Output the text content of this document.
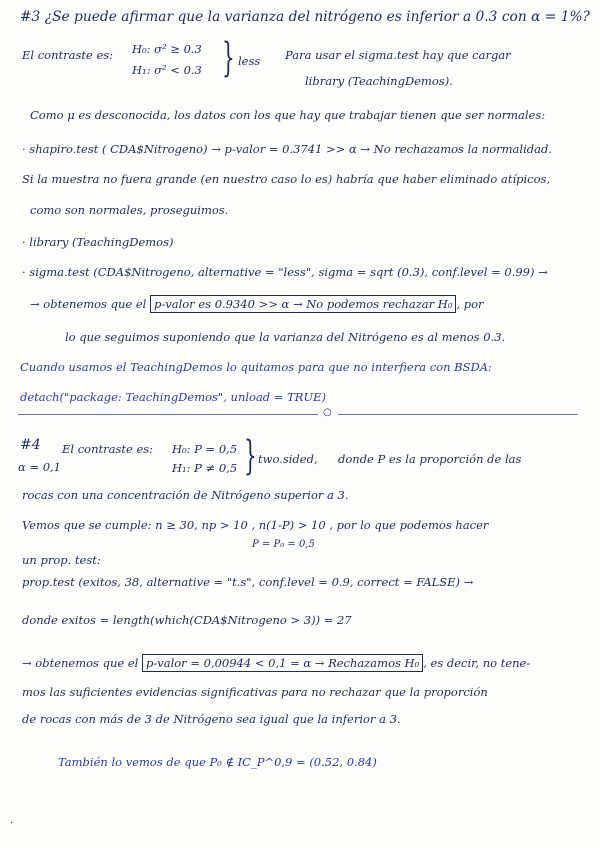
#3 ¿Se puede afirmar que la varianza del nitrógeno es inferior a 0.3 con α = 1%?
El contraste es: H₀: σ² ≥ 0.3
H₁: σ² < 0.3 } less Para usar el sigma.test hay que cargar
library (TeachingDemos).
Como μ es desconocida, los datos con los que hay que trabajar tienen que ser normales:
· shapiro.test ( CDA$Nitrogeno) → p-valor = 0.3741 >> α → No rechazamos la normalidad.
Si la muestra no fuera grande (en nuestro caso lo es) habría que haber eliminado atípicos,
como son normales, proseguimos.
· library (TeachingDemos)
· sigma.test (CDA$Nitrogeno, alternative = "less", sigma = sqrt (0.3), conf.level = 0.99) →
→ obtenemos que el p-valor es 0.9340 >> α → No podemos rechazar H₀ , por
lo que seguimos suponiendo que la varianza del Nitrógeno es al menos 0.3.
Cuando usamos el TeachingDemos lo quitamos para que no interfiera con BSDA:
detach("package: TeachingDemos", unload = TRUE)
○
#4
α = 0,1
El contraste es: H₀: P = 0,5
H₁: P ≠ 0,5 } two.sided, donde P es la proporción de las
rocas con una concentración de Nitrógeno superior a 3.
Vemos que se cumple: n ≥ 30, np > 10 , n(1-P) > 10 , por lo que podemos hacer
P = P₀ = 0,5
un prop. test:
prop.test (exitos, 38, alternative = "t.s", conf.level = 0.9, correct = FALSE) →
donde exitos = length(which(CDA$Nitrogeno > 3)) = 27
→ obtenemos que el p-valor = 0,00944 < 0,1 = α → Rechazamos H₀ , es decir, no tene-
mos las suficientes evidencias significativas para no rechazar que la proporción
de rocas con más de 3 de Nitrógeno sea igual que la inferior a 3.
También lo vemos de que P₀ ∉ IC_P^0,9 = (0.52, 0.84)
·
